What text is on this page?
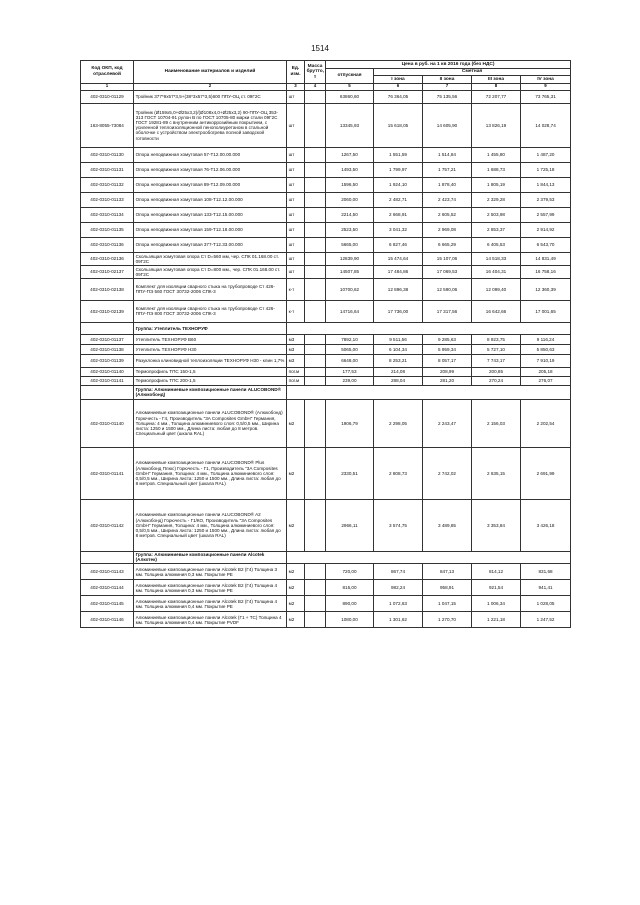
1514
Код ОКП, код отраслевой	Наименование материалов и изделий	Ед. изм.	Масса брутто, т	Цена в руб. на 1 кв 2016 года (без НДС)				
				отпускная	Сметная			
					I зона	II зона	III зона	IV зона
1	2	3	4	5	6	7	8	9
402-0310-01129	Тройник 377*9х57*3,5+(38*3х57*3,5)600 ППУ-ОЦ ст. 09Г2С	шт		63860,60	76 364,05	75 135,56	72 207,77	73 765,31
163-8055-73084	Тройник (Ø159х5,0+Ø25х3,2)/(Ø108х4,0+Ø25х3,2) 90-ППУ-ОЦ 353-313 ГОСТ 10704-91 рулон В по ГОСТ 10705-80 марки стали 09Г2С ГОСТ 19281-89 с внутренним антикоррозийным покрытием, с усиленной теплоизоляционной пенополиуретаном в стальной оболочке с устройством электрообогрева полной заводской готовности	шт		13345,93	15 618,05	14 605,90	13 826,19	14 028,74
402-0310-01130	Опора неподвижная хомутовая 57-Т12.00.00.000	шт		1267,50	1 551,59	1 514,84	1 455,80	1 487,20
402-0310-01131	Опора неподвижная хомутовая 76-Т12.06.00.000	шт		1493,50	1 799,97	1 757,21	1 688,73	1 725,18
402-0310-01132	Опора неподвижная хомутовая 89-Т12.09.00.000	шт		1596,50	1 924,10	1 878,40	1 805,19	1 844,13
402-0310-01133	Опора неподвижная хомутовая 108-Т12.12.00.000	шт		2060,00	2 482,71	2 423,74	2 329,28	2 379,53
402-0310-01134	Опора неподвижная хомутовая 133-Т12.15.00.000	шт		2214,50	2 668,91	2 605,52	2 503,98	2 557,99
402-0310-01135	Опора неподвижная хомутовая 159-Т12.18.00.000	шт		2523,50	3 041,32	2 969,08	2 853,37	2 914,92
402-0310-01136	Опора неподвижная хомутовая 377-Т12.33.00.000	шт		5665,00	6 827,46	6 665,29	6 405,53	6 543,70
402-0310-02136	Скользящая хомутовая опора Ст D=560 мм, чер. СПК 01.168.00 ст. 09Г2С	шт		12839,90	15 474,64	15 107,06	14 518,33	14 831,49
402-0310-02137	Скользящая хомутовая опора Ст D=800 мм., чер. СПК 01.168.00 ст. 09Г2С	шт		14507,85	17 484,86	17 069,53	16 404,31	16 758,16
402-0310-02138	Комплект для изоляции сварного стыка на трубопроводе Ст 426-ППУ-ПЭ 560 ГОСТ 30732-2006 СПК-3	к-т		10700,62	12 896,38	12 590,06	12 099,40	12 360,39
402-0310-02139	Комплект для изоляции сварного стыка на трубопроводе Ст 426-ППУ-ПЭ 800 ГОСТ 30732-2006 СПК-3	к-т		14716,64	17 736,00	17 317,56	16 642,66	17 001,65
	Группа: Утеплитель ТЕХНОРУФ							
402-0310-01137	Утеплитель ТЕХНОРУФ В60	м3		7892,10	9 511,56	9 285,63	8 923,75	9 116,24
402-0310-01138	Утеплитель ТЕХНОРУФ Н30	м3		5065,00	6 104,34	5 959,34	5 727,10	5 850,63
402-0310-01139	Разуклонка клиновидной теплоизоляции ТЕХНОРУФ Н30 - клин 1,7%	м3		6648,00	8 253,21	8 057,17	7 743,17	7 910,19
402-0310-01140	Термопрофиль ТПС 150-1,5	пог.м		177,53	214,08	208,99	200,85	205,18
402-0310-01141	Термопрофиль ТПС 200-1,5	пог.м		239,00	288,04	281,20	270,24	276,07
	Группа: Алюминиевые композиционные панели ALUCOBOND® (Алюкобонд)							
402-0310-01140	Алюминиевые композиционные панели ALUCOBOND® (Алюкобонд) Горючесть - Г4, Производитель "3A Composites GmbH" Германия, Толщина: 4 мм., Толщина алюминиевого слоя: 0,5/0,5 мм., Ширина листа: 1250 и 1500 мм., Длина листа: любая до 8 метров. Специальный цвет (шкала RAL)	м2		1906,79	2 298,05	2 243,47	2 156,03	2 202,54
402-0310-01141	Алюминиевые композиционные панели ALUCOBOND® Plus (Алюкобонд Плюс) Горючесть - Г1, Производитель "3A Composites GmbH" Германия, Толщина: 4 мм., Толщина алюминиевого слоя: 0,5/0,5 мм., Ширина листа: 1250 и 1500 мм., Длина листа: любая до 8 метров. Специальный цвет (шкала RAL)	м2		2330,51	2 808,73	2 742,02	2 635,15	2 691,99
402-0310-01142	Алюминиевые композиционные панели ALUCOBOND® A2 (Алюкобонд) Горючесть - Г1/КО, Производитель "3A Composites GmbH" Германия, Толщина: 4 мм., Толщина алюминиевого слоя: 0,5/0,5 мм., Ширина листа: 1250 и 1500 мм., Длина листа: любая до 8 метров. Специальный цвет (шкала RAL)	м2		2966,11	3 574,75	3 489,85	3 353,84	3 426,18
	Группа: Алюминиевые композиционные панели Alcotek (Алкотек)							
402-0310-01143	Алюминиевые композиционные панели Alcotek B2 (Г4) Толщина 3 мм. Толщина алюминия 0,3 мм. Покрытие PE	м2		720,00	867,74	847,13	814,12	831,68
402-0310-01144	Алюминиевые композиционные панели Alcotek B2 (Г4) Толщина 4 мм. Толщина алюминия 0,3 мм. Покрытие PE	м2		815,00	982,24	958,91	921,54	941,41
402-0310-01145	Алюминиевые композиционные панели Alcotek B2 (Г4) Толщина 4 мм. Толщина алюминия 0,4 мм. Покрытие PE	м2		890,00	1 072,63	1 047,15	1 006,34	1 028,05
402-0310-01146	Алюминиевые композиционные панели Alcotek (Г1 + ТС) Толщина 4 мм. Толщина алюминия 0,4 мм. Покрытие PVDF	м2		1080,00	1 301,62	1 270,70	1 221,18	1 247,52
